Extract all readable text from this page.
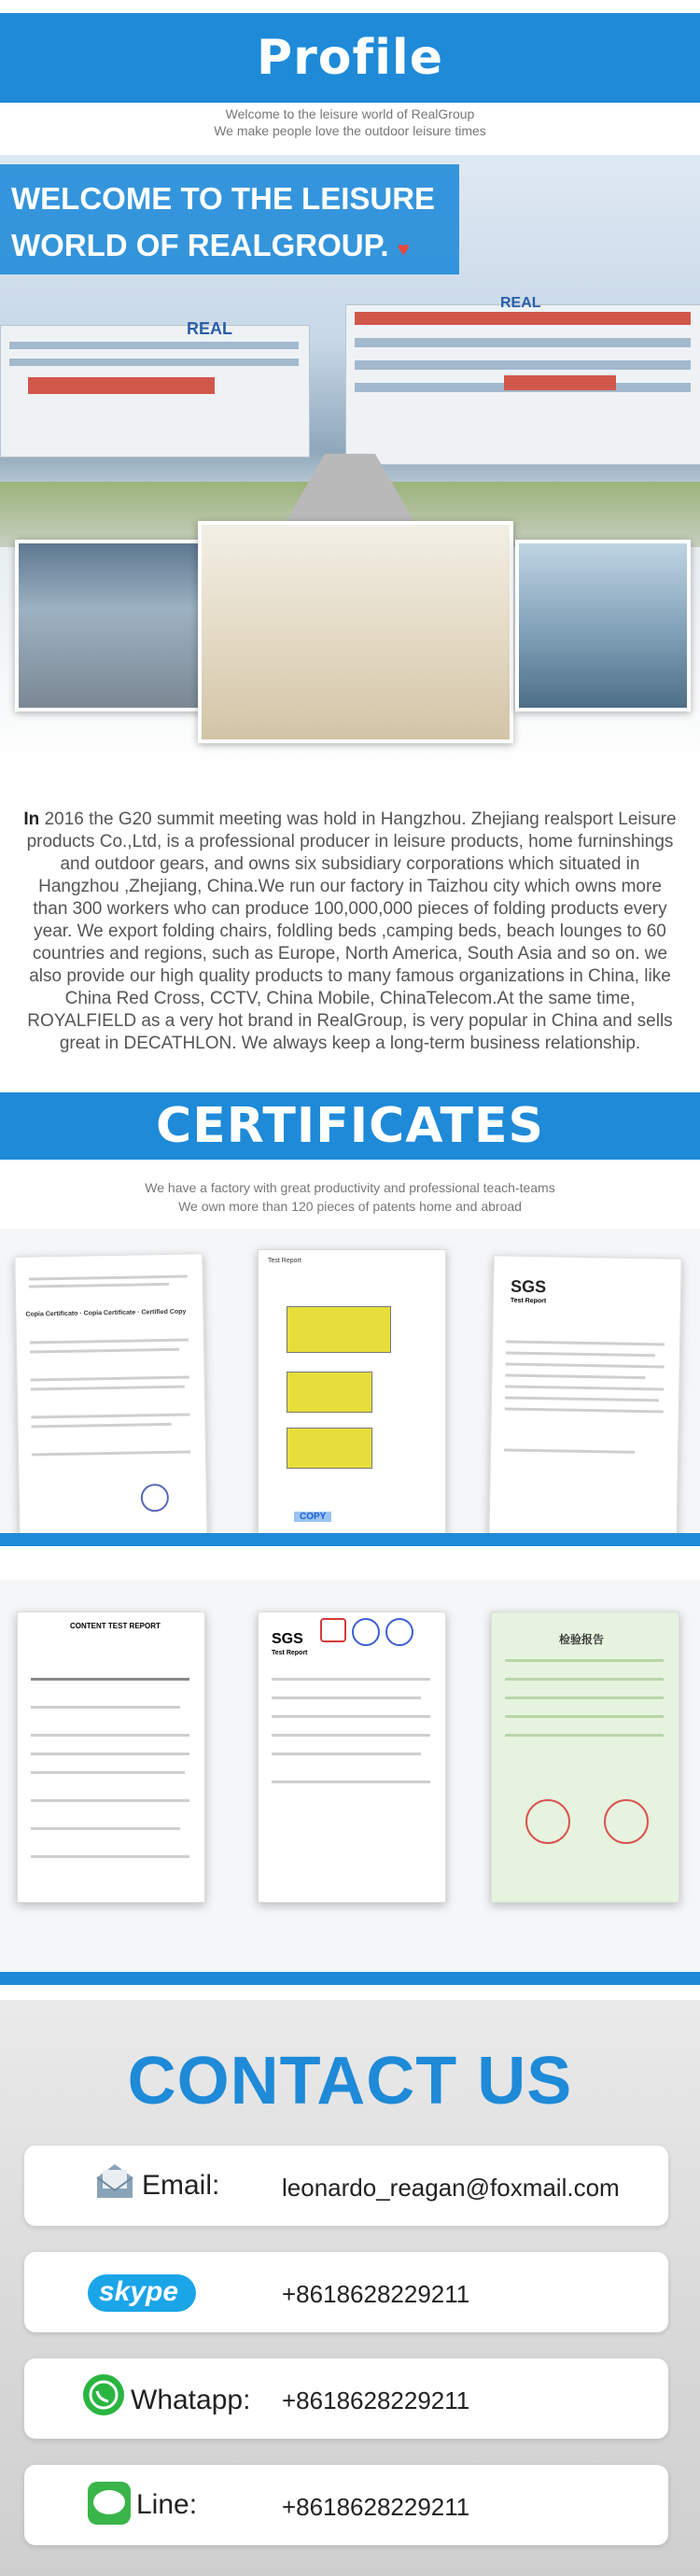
Profile
Welcome to the leisure world of RealGroup
We make people love the outdoor leisure times
WELCOME TO THE LEISURE
WORLD OF REALGROUP. ♥
REAL
REAL
In 2016 the G20 summit meeting was hold in Hangzhou. Zhejiang realsport Leisure products Co.,Ltd, is a professional producer in leisure products, home furninshings and outdoor gears, and owns six subsidiary corporations which situated in Hangzhou ,Zhejiang, China.We run our factory in Taizhou city which owns more than 300 workers who can produce 100,000,000 pieces of folding products every year. We export folding chairs, foldling beds ,camping beds, beach lounges to 60 countries and regions, such as Europe, North America, South Asia and so on. we also provide our high quality products to many famous organizations in China, like China Red Cross, CCTV, China Mobile, ChinaTelecom.At the same time, ROYALFIELD as a very hot brand in RealGroup, is very popular in China and sells great in DECATHLON. We always keep a long-term business relationship.
CERTIFICATES
We have a factory with great productivity and professional teach-teams
We own more than 120 pieces of patents home and abroad
Copia Certificato · Copia Certificate · Certified Copy
Test Report
COPY
SGS
Test Report
CONTENT TEST REPORT
SGS
Test Report
检验报告
CONTACT US
Email:	leonardo_reagan@foxmail.com
skype	+8618628229211
Whatapp: +8618628229211
Line:	+8618628229211
